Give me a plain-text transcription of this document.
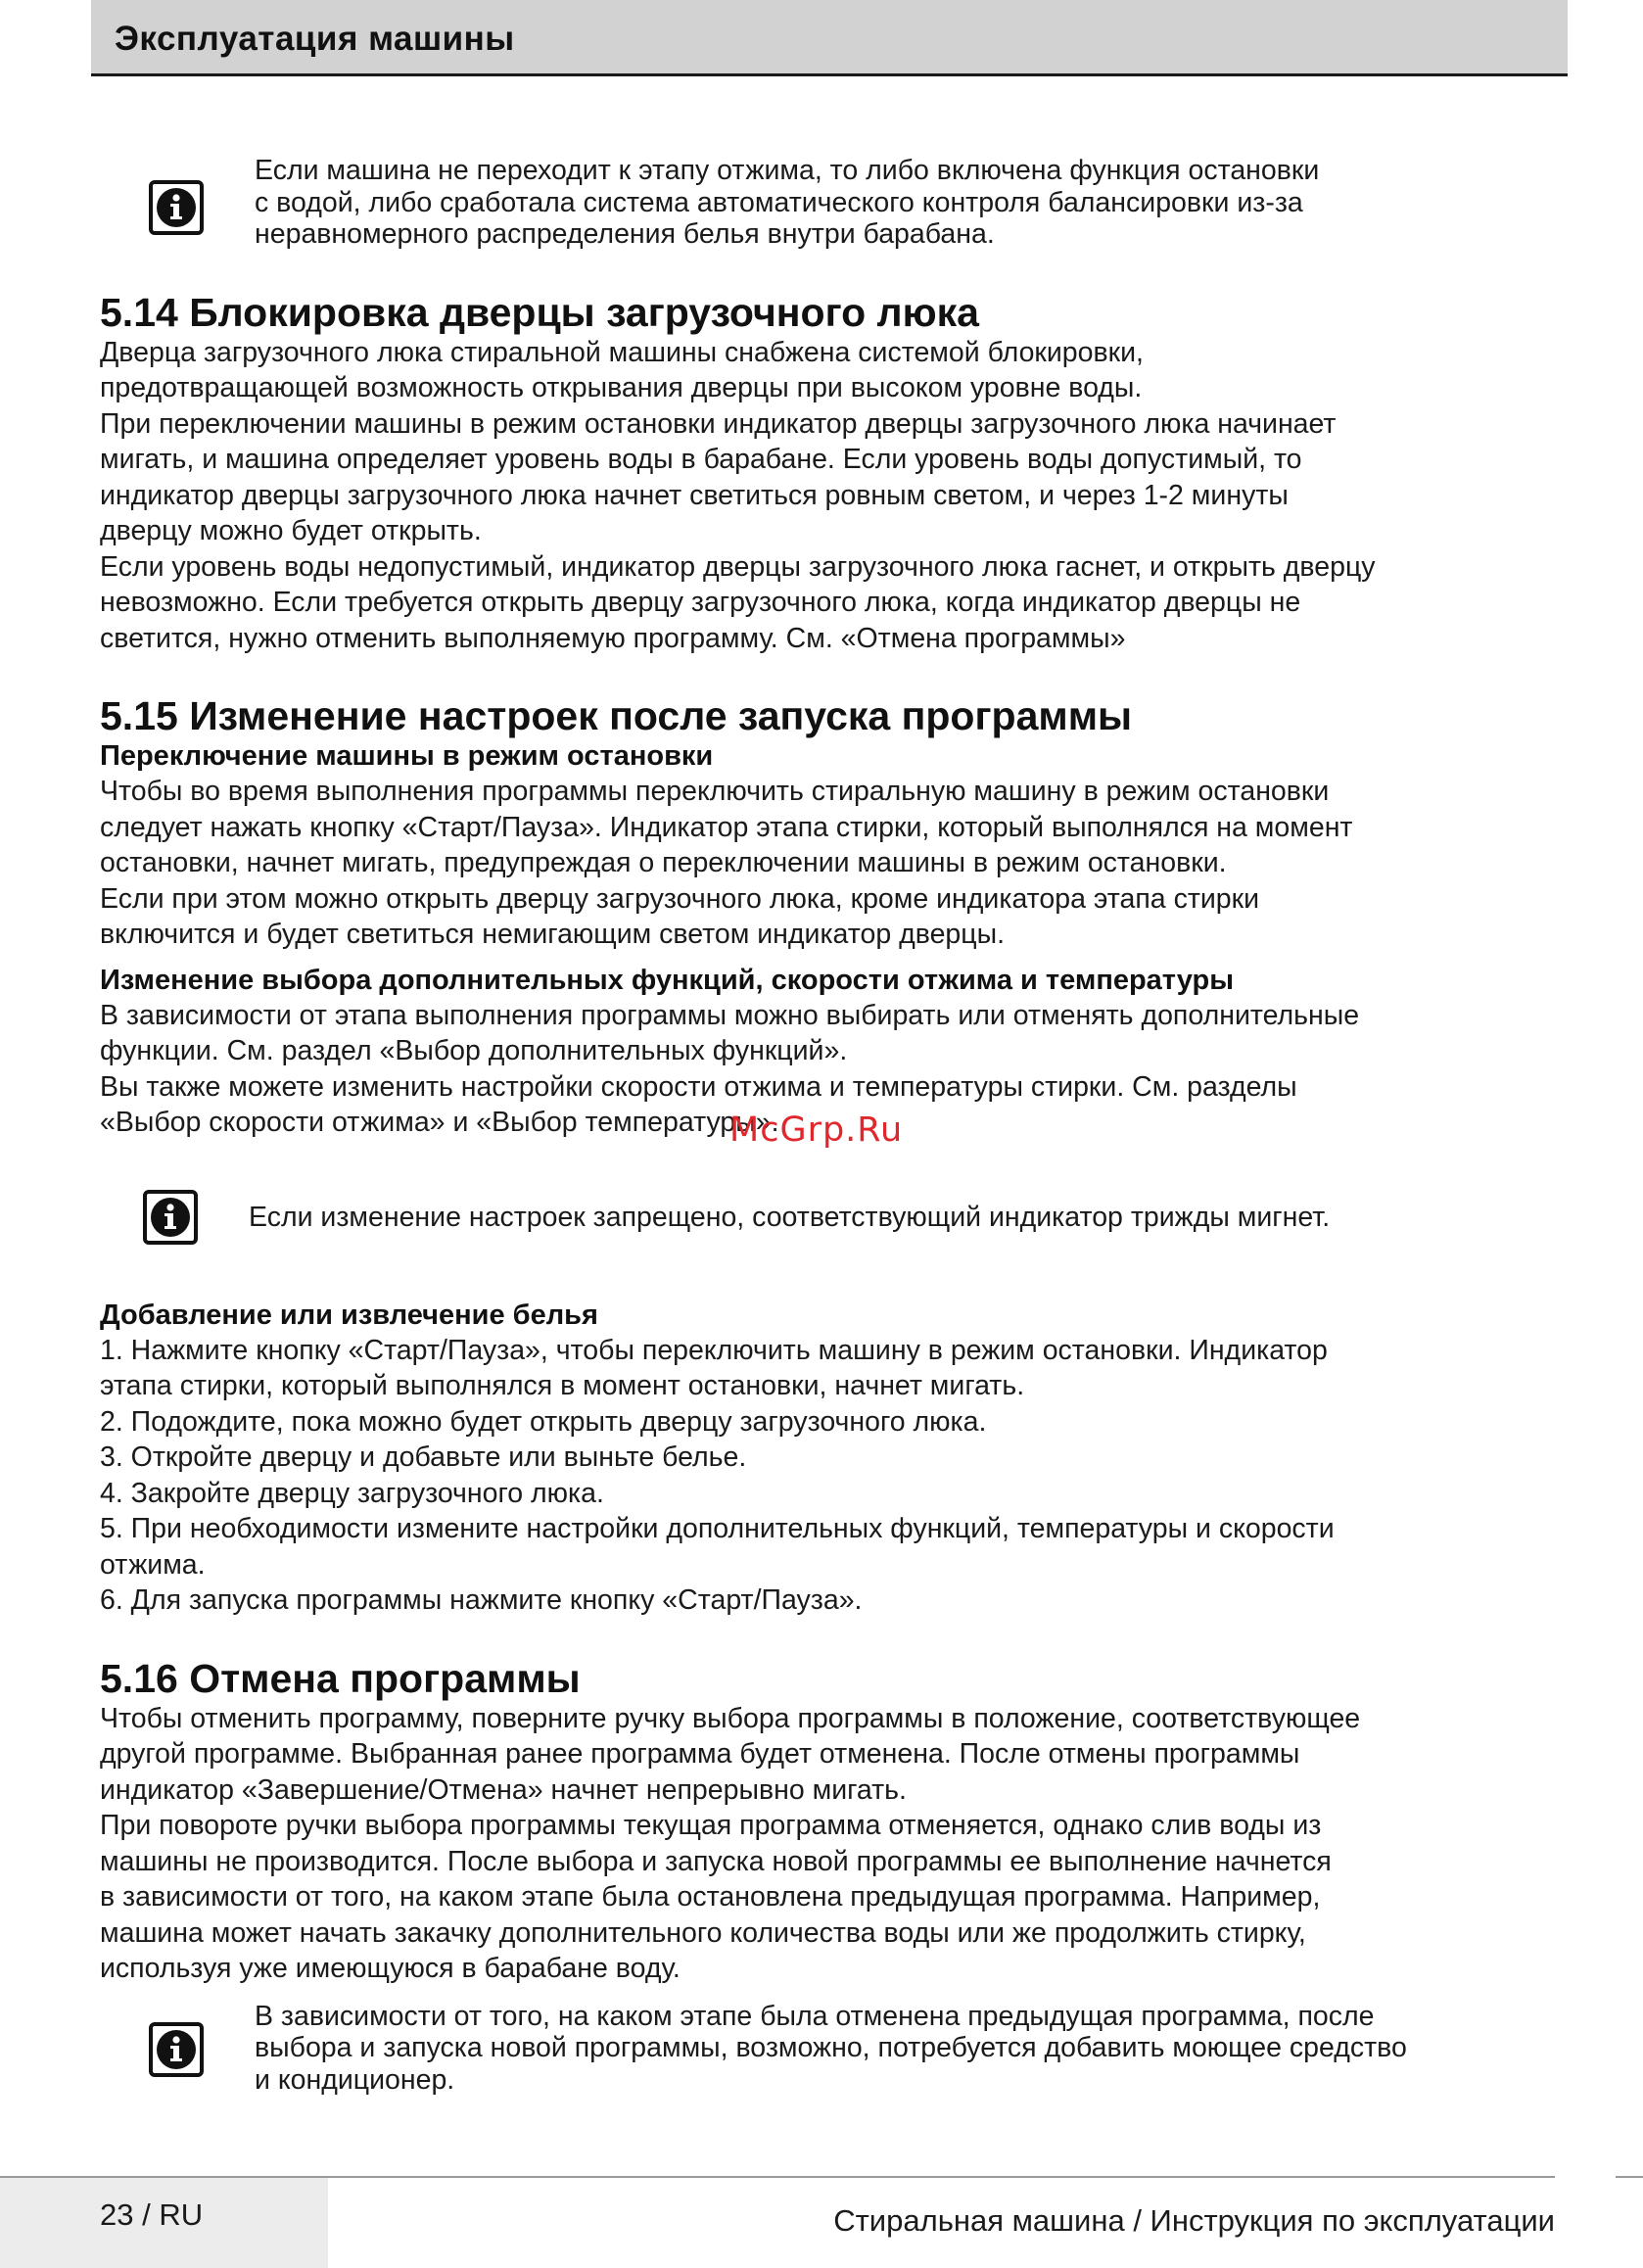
Эксплуатация машины
Если машина не переходит к этапу отжима, то либо включена функция остановки
с водой, либо сработала система автоматического контроля балансировки из-за
неравномерного распределения белья внутри барабана.
5.14 Блокировка дверцы загрузочного люка
Дверца загрузочного люка стиральной машины снабжена системой блокировки,
предотвращающей возможность открывания дверцы при высоком уровне воды.
При переключении машины в режим остановки индикатор дверцы загрузочного люка начинает
мигать, и машина определяет уровень воды в барабане. Если уровень воды допустимый, то
индикатор дверцы загрузочного люка начнет светиться ровным светом, и через 1-2 минуты
дверцу можно будет открыть.
Если уровень воды недопустимый, индикатор дверцы загрузочного люка гаснет, и открыть дверцу
невозможно. Если требуется открыть дверцу загрузочного люка, когда индикатор дверцы не
светится, нужно отменить выполняемую программу. См. «Отмена программы»
5.15 Изменение настроек после запуска программы
Переключение машины в режим остановки
Чтобы во время выполнения программы переключить стиральную машину в режим остановки
следует нажать кнопку «Старт/Пауза». Индикатор этапа стирки, который выполнялся на момент
остановки, начнет мигать, предупреждая о переключении машины в режим остановки.
Если при этом можно открыть дверцу загрузочного люка, кроме индикатора этапа стирки
включится и будет светиться немигающим светом индикатор дверцы.
Изменение выбора дополнительных функций, скорости отжима и температуры
В зависимости от этапа выполнения программы можно выбирать или отменять дополнительные
функции. См. раздел «Выбор дополнительных функций».
Вы также можете изменить настройки скорости отжима и температуры стирки. См. разделы
«Выбор скорости отжима» и «Выбор температуры».
Если изменение настроек запрещено, соответствующий индикатор трижды мигнет.
Добавление или извлечение белья
1. Нажмите кнопку «Старт/Пауза», чтобы переключить машину в режим остановки. Индикатор
этапа стирки, который выполнялся в момент остановки, начнет мигать.
2. Подождите, пока можно будет открыть дверцу загрузочного люка.
3. Откройте дверцу и добавьте или выньте белье.
4. Закройте дверцу загрузочного люка.
5. При необходимости измените настройки дополнительных функций, температуры и скорости
отжима.
6. Для запуска программы нажмите кнопку «Старт/Пауза».
5.16 Отмена программы
Чтобы отменить программу, поверните ручку выбора программы в положение, соответствующее
другой программе. Выбранная ранее программа будет отменена. После отмены программы
индикатор «Завершение/Отмена» начнет непрерывно мигать.
При повороте ручки выбора программы текущая программа отменяется, однако слив воды из
машины не производится. После выбора и запуска новой программы ее выполнение начнется
в зависимости от того, на каком этапе была остановлена предыдущая программа. Например,
машина может начать закачку дополнительного количества воды или же продолжить стирку,
используя уже имеющуюся в барабане воду.
В зависимости от того, на каком этапе была отменена предыдущая программа, после
выбора и запуска новой программы, возможно, потребуется добавить моющее средство
и кондиционер.
McGrp.Ru
23 / RU	Стиральная машина / Инструкция по эксплуатации
